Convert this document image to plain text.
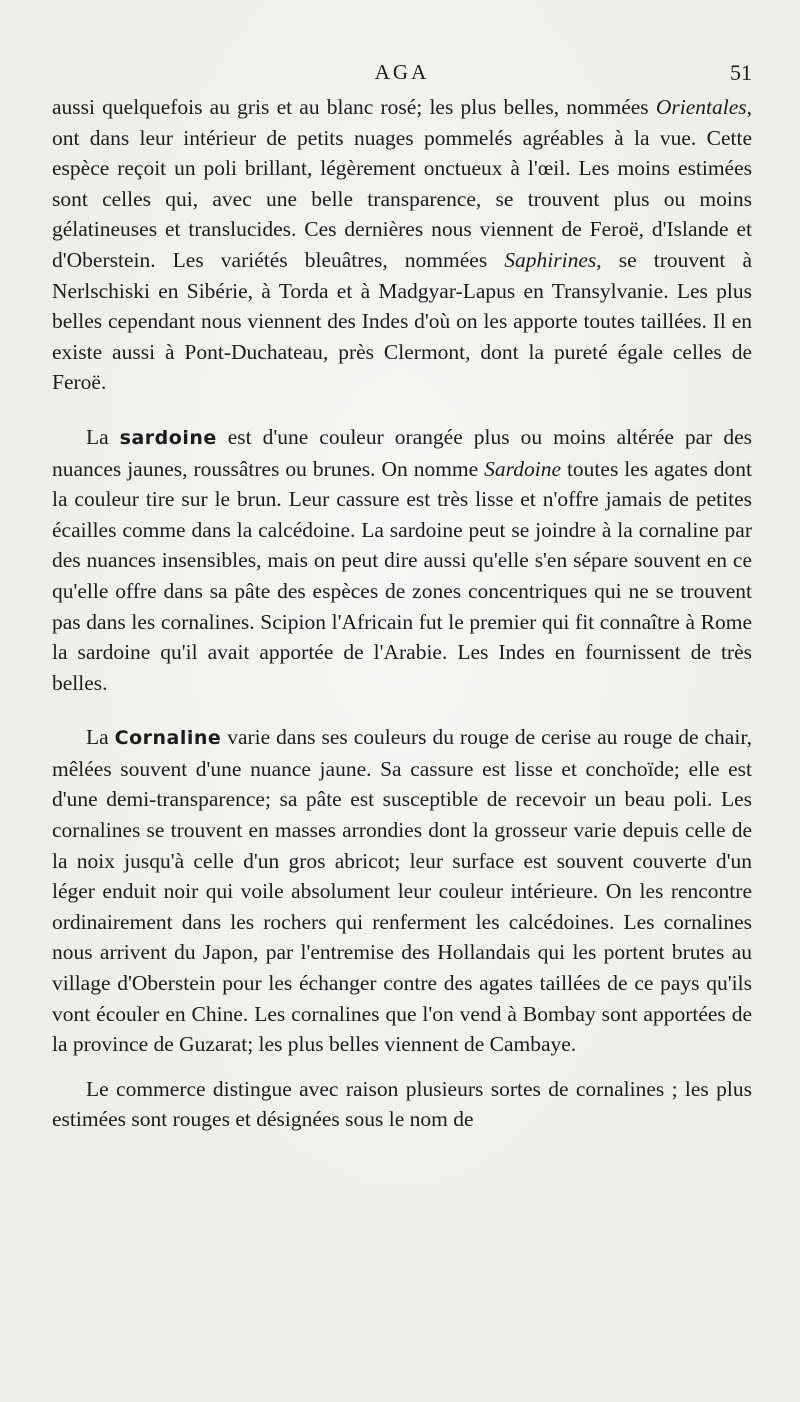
AGA	51

aussi quelquefois au gris et au blanc rosé; les plus belles, nommées Orientales, ont dans leur intérieur de petits nuages pommelés agréables à la vue. Cette espèce reçoit un poli brillant, légèrement onctueux à l'œil. Les moins estimées sont celles qui, avec une belle transparence, se trouvent plus ou moins gélatineuses et translucides. Ces dernières nous viennent de Feroë, d'Islande et d'Oberstein. Les variétés bleuâtres, nommées Saphirines, se trouvent à Nerlschiski en Sibérie, à Torda et à Madgyar-Lapus en Transylvanie. Les plus belles cependant nous viennent des Indes d'où on les apporte toutes taillées. Il en existe aussi à Pont-Duchateau, près Clermont, dont la pureté égale celles de Feroë.

La sardoine est d'une couleur orangée plus ou moins altérée par des nuances jaunes, roussâtres ou brunes. On nomme Sardoine toutes les agates dont la couleur tire sur le brun. Leur cassure est très lisse et n'offre jamais de petites écailles comme dans la calcédoine. La sardoine peut se joindre à la cornaline par des nuances insensibles, mais on peut dire aussi qu'elle s'en sépare souvent en ce qu'elle offre dans sa pâte des espèces de zones concentriques qui ne se trouvent pas dans les cornalines. Scipion l'Africain fut le premier qui fit connaître à Rome la sardoine qu'il avait apportée de l'Arabie. Les Indes en fournissent de très belles.

La Cornaline varie dans ses couleurs du rouge de cerise au rouge de chair, mêlées souvent d'une nuance jaune. Sa cassure est lisse et conchoïde; elle est d'une demi-transparence; sa pâte est susceptible de recevoir un beau poli. Les cornalines se trouvent en masses arrondies dont la grosseur varie depuis celle de la noix jusqu'à celle d'un gros abricot; leur surface est souvent couverte d'un léger enduit noir qui voile absolument leur couleur intérieure. On les rencontre ordinairement dans les rochers qui renferment les calcédoines. Les cornalines nous arrivent du Japon, par l'entremise des Hollandais qui les portent brutes au village d'Oberstein pour les échanger contre des agates taillées de ce pays qu'ils vont écouler en Chine. Les cornalines que l'on vend à Bombay sont apportées de la province de Guzarat; les plus belles viennent de Cambaye.

Le commerce distingue avec raison plusieurs sortes de cornalines ; les plus estimées sont rouges et désignées sous le nom de
